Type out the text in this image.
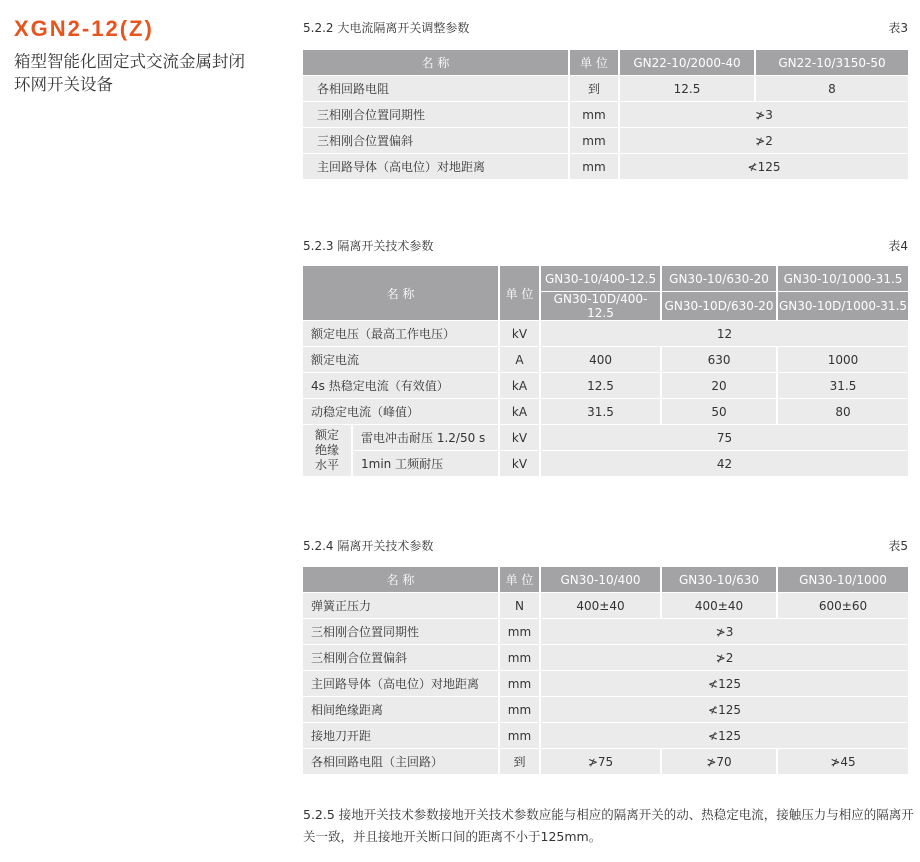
XGN2-12(Z)
箱型智能化固定式交流金属封闭环网开关设备
5.2.2 大电流隔离开关调整参数	表3
名 称	单 位	GN22-10/2000-40	GN22-10/3150-50
各相回路电阻	到	12.5	8
三相刚合位置同期性	mm	≯3	
三相刚合位置偏斜	mm	≯2	
主回路导体（高电位）对地距离	mm	≮125	
5.2.3 隔离开关技术参数	表4
名 称		单 位	GN30-10/400-12.5	GN30-10/630-20	GN30-10/1000-31.5
			GN30-10D/400-12.5	GN30-10D/630-20	GN30-10D/1000-31.5
额定电压（最高工作电压）		kV	12		
额定电流		A	400	630	1000
4s 热稳定电流（有效值）		kA	12.5	20	31.5
动稳定电流（峰值）		kA	31.5	50	80
额定
绝缘
水平	雷电冲击耐压 1.2/50 s	kV	75		
	1min 工频耐压	kV	42		
5.2.4 隔离开关技术参数	表5
名 称	单 位	GN30-10/400	GN30-10/630	GN30-10/1000
弹簧正压力	N	400±40	400±40	600±60
三相刚合位置同期性	mm	≯3		
三相刚合位置偏斜	mm	≯2		
主回路导体（高电位）对地距离	mm	≮125		
相间绝缘距离	mm	≮125		
接地刀开距	mm	≮125		
各相回路电阻（主回路）	到	≯75	≯70	≯45
5.2.5 接地开关技术参数接地开关技术参数应能与相应的隔离开关的动、热稳定电流，接触压力与相应的隔离开关一致，并且接地开关断口间的距离不小于125mm。
